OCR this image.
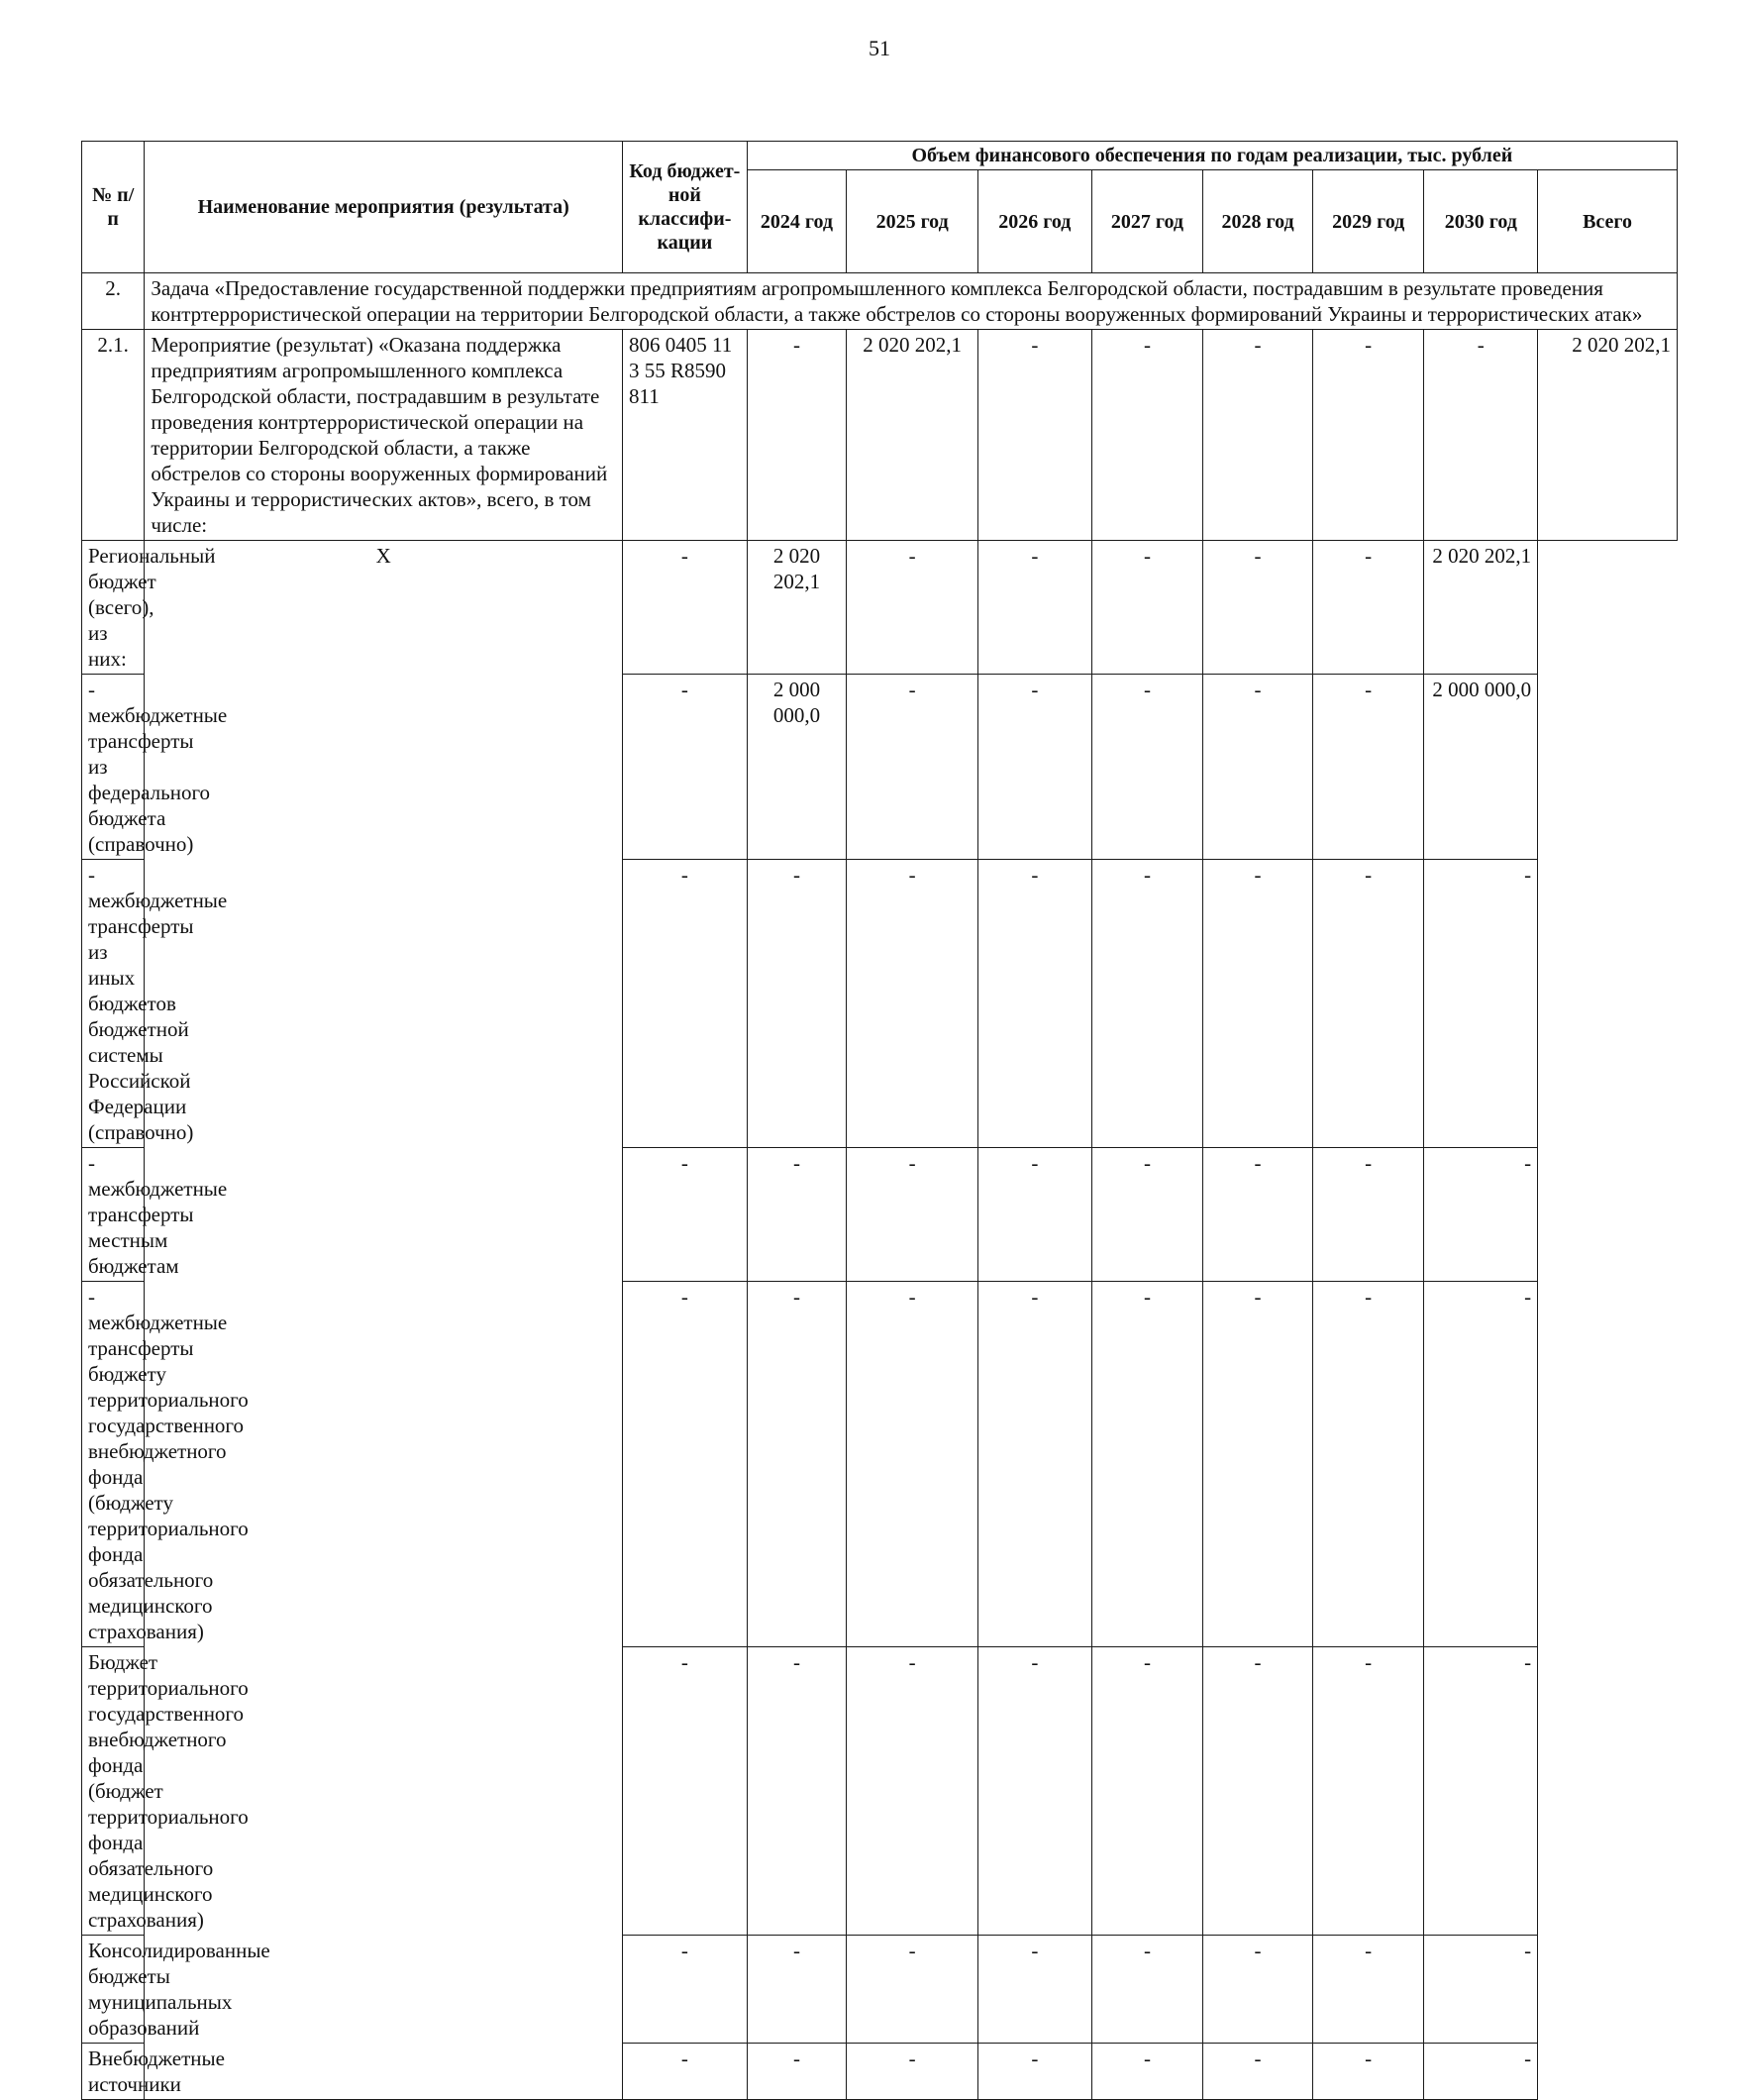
51
№ п/п	Наименование мероприятия (результата)	Код бюджет-ной классифи-кации	Объем финансового обеспечения по годам реализации, тыс. рублей							
			2024 год	2025 год	2026 год	2027 год	2028 год	2029 год	2030 год	Всего
2.	Задача «Предоставление государственной поддержки предприятиям агропромышленного комплекса Белгородской области, пострадавшим в результате проведения контртеррористической операции на территории Белгородской области, а также обстрелов со стороны вооруженных формирований Украины и террористических атак»									
2.1.	Мероприятие (результат) «Оказана поддержка предприятиям агропромышленного комплекса Белгородской области, пострадавшим в результате проведения контртеррористической операции на территории Белгородской области, а также обстрелов со стороны вооруженных формирований Украины и террористических актов», всего, в том числе:	806 0405 11 3 55 R8590 811	-	2 020 202,1	-	-	-	-	-	2 020 202,1
Региональный бюджет (всего), из них:	X	-	2 020 202,1	-	-	-	-	-	2 020 202,1	
- межбюджетные трансферты из федерального бюджета (справочно)		-	2 000 000,0	-	-	-	-	-	2 000 000,0	
- межбюджетные трансферты из иных бюджетов бюджетной системы Российской Федерации (справочно)		-	-	-	-	-	-	-	-	
- межбюджетные трансферты местным бюджетам		-	-	-	-	-	-	-	-	
- межбюджетные трансферты бюджету территориального государственного внебюджетного фонда (бюджету территориального фонда обязательного медицинского страхования)		-	-	-	-	-	-	-	-	
Бюджет территориального государственного внебюджетного фонда (бюджет территориального фонда обязательного медицинского страхования)		-	-	-	-	-	-	-	-	
Консолидированные бюджеты муниципальных образований		-	-	-	-	-	-	-	-	
Внебюджетные источники		-	-	-	-	-	-	-	-	
